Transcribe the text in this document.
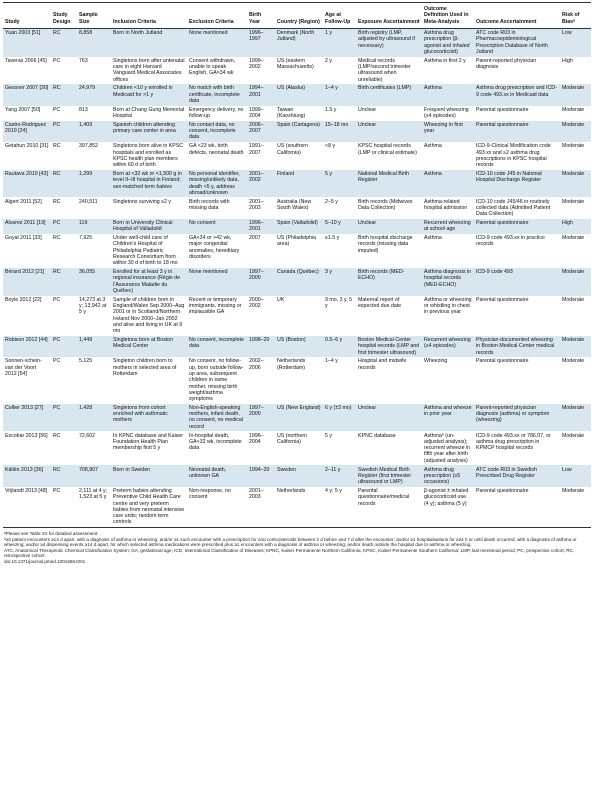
Study	Study Design	Sample Size	Inclusion Criteria	Exclusion Criteria	Birth Year	Country (Region)	Age at Follow-Up	Exposure Ascertainment	Outcome Definition Used in Meta-Analysis	Outcome Ascertainment	Risk of Biasᵃ
Yuan 2003 [51]	RC	8,858	Born in North Jutland	None mentioned	1996–1997	Denmark (North Jutland)	1 y	Birth registry (LMP, adjusted by ultrasound if necessary)	Asthma drug prescription (β-agonist and inhaled glucocorticoid)	ATC code R03 in Pharmacoepidemiological Prescription Database of North Jutland	Low
Taveras 2006 [45]	PC	763	Singletons born after antenatal care in eight Harvard Vanguard Medical Associates offices	Consent withdrawn, unable to speak English, GA<34 wk	1999–2002	US (eastern Massachusetts)	2 y	Medical records (LMP/second trimester ultrasound when unreliable)	Asthma in first 2 y	Parent-reported physician diagnosis	High
Gessner 2007 [30]	RC	24,979	Children <10 y enrolled in Medicaid for >1 y	No match with birth certificate, incomplete data	1994–2001	US (Alaska)	1–4 y	Birth certificates (LMP)	Asthma	Asthma drug prescription and ICD-9 code 493.xx in Medicaid data	Moderate
Yang 2007 [50]	PC	813	Born at Chang Gung Memorial Hospital	Emergency delivery, no follow-up	1999–2004	Taiwan (Kaoshiung)	1.5 y	Unclear	Frequent wheezing (≥4 episodes)	Parental questionnaire	Moderate
Castro-Rodriguez 2010 [24]	PC	1,409	Spanish children attending primary care center in area	No contact data, no consent, incomplete data	2006–2007	Spain (Cartagena)	15–18 mo	Unclear	Wheezing in first year	Parental questionnaire	Moderate
Getahun 2010 [31]	RC	397,852	Singletons born alive in KPSC hospitals and enrolled as KPSC health plan members within 60 d of birth	GA <23 wk, birth defects, neonatal death	1991–2007	US (southern California)	<8 y	KPSC hospital records (LMP or clinical estimate)	Asthma	ICD-9-Clinical Modification code 493.xx and ≥2 asthma drug prescriptions in KPSC hospital records	Moderate
Rautava 2010 [43]	RC	1,299	Born at <32 wk or <1,500 g in level II–III hospital in Finland; sex-matched term babies	No personal identifier, missing/unlikely data, death <5 y, address abroad/unknown	2001–2002	Finland	5 y	National Medical Birth Register	Asthma	ICD-10 code J45 in National Hospital Discharge Register	Moderate
Algert 2011 [52]	RC	240,511	Singletons surviving ≥2 y	Birth records with missing data	2001–2003	Australia (New South Wales)	2–5 y	Birth records (Midwives Data Collection)	Asthma-related hospital admission	ICD-10 code J45/46 in routinely collected data (Admitted Patient Data Collection)	Moderate
Alvarez 2011 [19]	PC	119	Born in University Clinical Hospital of Valladolid	No consent	1996–2001	Spain (Valladolid)	5–10 y	Unclear	Recurrent wheezing at school age	Parental questionnaire	High
Goyal 2011 [33]	RC	7,925	Under well-child care of Children’s Hospital of Philadelphia Pediatric Research Consortium from within 30 d of birth to 18 mo	GA<34 or >42 wk, major congenital anomalies, hereditary disorders	2007	US (Philadelphia area)	≤1.5 y	Birth hospital discharge records (missing data imputed)	Asthma	ICD-9 code 493.xx in practice records	Moderate
Bérard 2012 [21]	RC	36,055	Enrolled for at least 3 y in regional insurance (Régie de l’Assurance Maladie du Québec)	None mentioned	1997–2000	Canada (Québec)	3 y	Birth records (MED-ECHO)	Asthma diagnosis in hospital records (MED-ECHO)	ICD-9 code 493	Moderate
Boyle 2012 [22]	PC	14,273 at 3 y; 13,942 at 5 y	Sample of children born in England/Wales Sep 2000–Aug 2001 or in Scotland/Northern Ireland Nov 2000–Jan 2002 and alive and living in UK at 9 mo	Recent or temporary immigrants, missing or implausible GA	2000–2002	UK	9 mo, 3 y, 5 y	Maternal report of expected due date	Asthma or wheezing or whistling in chest in previous year	Parental questionnaire	Moderate
Robison 2012 [44]	PC	1,448	Singletons born at Boston Medical Center	No consent, incomplete data	1998–20	US (Boston)	0.5–6 y	Boston Medical Center hospital records (LMP and first trimester ultrasound)	Recurrent wheezing (≥4 episodes)	Physician-documented wheezing in Boston Medical Center medical records	Moderate
Sonnen-schein-van der Voort 2012 [54]	PC	5,125	Singleton children born to mothers in selected area of Rotterdam	No consent, no follow-up, born outside follow-up area, subsequent children in same mother, missing birth weight/asthma symptoms	2002–2006	Netherlands (Rotterdam)	1–4 y	Hospital and midwife records	Wheezing	Parental questionnaire	Moderate
Collier 2013 [27]	PC	1,428	Singletons from cohort enriched with asthmatic mothers	Non-English-speaking mothers, infant death, no consent, no medical record	1997–2000	US (New England)	6 y (±3 mo)	Unclear	Asthma and wheeze in prior year	Parent-reported physician diagnosis (asthma) or symptom (wheezing)	Moderate
Escobar 2013 [56]	RC	72,602	In KPNC database and Kaiser Foundation Health Plan membership first 5 y	In-hospital death, GA<32 wk, incomplete data	1996–2004	US (northern California)	5 y	KPNC database	Asthmaᵇ (un-adjusted analysis); recurrent wheeze in fifth year after birth (adjusted analysis)	ICD-9 code 493.xx or 786.07, or asthma drug prescription in KPMCP hospital records	Moderate
Källén 2013 [36]	RC	708,907	Born in Sweden	Neonatal death, unknown GA	1994–20	Sweden	2–11 y	Swedish Medical Birth Register (first trimester ultrasound or LMP)	Asthma drug prescription (≥5 occasions)	ATC code R03 in Swedish Prescribed Drug Register	Low
Vrijlandt 2013 [48]	PC	2,111 at 4 y; 1,523 at 5 y	Preterm babies attending Preventive Child Health Care centre and very preterm babies from neonatal intensive care units; random term controls	Non-response, no consent	2001–2003	Netherlands	4 y; 5 y	Parental questionnaire/medical records	β-agonist ± inhaled glucocorticoid use (4 y); asthma (5 y)	Parental questionnaire	Moderate
ᵃPlease see Table S2 for detailed assessment.
ᵇ≥3 patient encounters ≥14 d apart, with a diagnosis of asthma or wheezing; and/or ≥1 such encounter with a prescription for oral corticosteroids between 2 d before and 7 d after the encounter; and/or ≥1 hospitalisations for ≥24 h or until death occurred, with a diagnosis of asthma or wheezing; and/or ≥4 dispensing events ≥14 d apart, for which selected asthma medications were prescribed plus ≥1 encounters with a diagnosis of asthma or wheezing; and/or death outside the hospital due to asthma or wheezing.
ATC, Anatomical Therapeutic Chemical Classification System; GA, gestational age; ICD, International Classification of Diseases; KPNC, Kaiser Permanente Northern California; KPSC, Kaiser Permanente Southern California; LMP, last menstrual period; PC, prospective cohort; RC, retrospective cohort.
doi:10.1371/journal.pmed.1001596.t001
